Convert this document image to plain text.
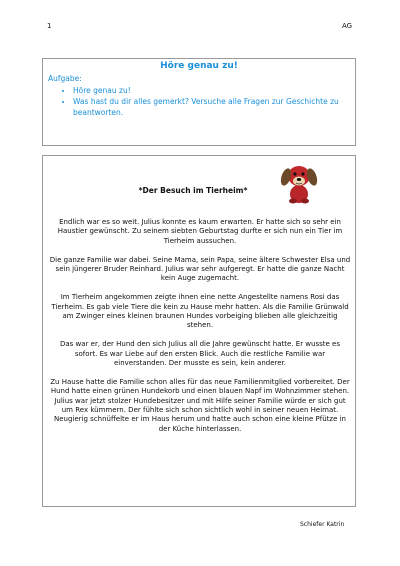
1	AG
Höre genau zu!
Aufgabe:
• Höre genau zu!
• Was hast du dir alles gemerkt? Versuche alle Fragen zur Geschichte zu beantworten.
*Der Besuch im Tierheim*

Endlich war es so weit. Julius konnte es kaum erwarten. Er hatte sich so sehr ein Haustier gewünscht. Zu seinem siebten Geburtstag durfte er sich nun ein Tier im Tierheim aussuchen.

Die ganze Familie war dabei. Seine Mama, sein Papa, seine ältere Schwester Elsa und sein jüngerer Bruder Reinhard. Julius war sehr aufgeregt. Er hatte die ganze Nacht kein Auge zugemacht.

Im Tierheim angekommen zeigte ihnen eine nette Angestellte namens Rosi das Tierheim. Es gab viele Tiere die kein zu Hause mehr hatten. Als die Familie Grünwald am Zwinger eines kleinen braunen Hundes vorbeiging blieben alle gleichzeitig stehen.

Das war er, der Hund den sich Julius all die Jahre gewünscht hatte. Er wusste es sofort. Es war Liebe auf den ersten Blick. Auch die restliche Familie war einverstanden. Der musste es sein, kein anderer.

Zu Hause hatte die Familie schon alles für das neue Familienmitglied vorbereitet. Der Hund hatte einen grünen Hundekorb und einen blauen Napf im Wohnzimmer stehen. Julius war jetzt stolzer Hundebesitzer und mit Hilfe seiner Familie würde er sich gut um Rex kümmern. Der fühlte sich schon sichtlich wohl in seiner neuen Heimat. Neugierig schnüffelte er im Haus herum und hatte auch schon eine kleine Pfütze in der Küche hinterlassen.

Schiefer Katrin
